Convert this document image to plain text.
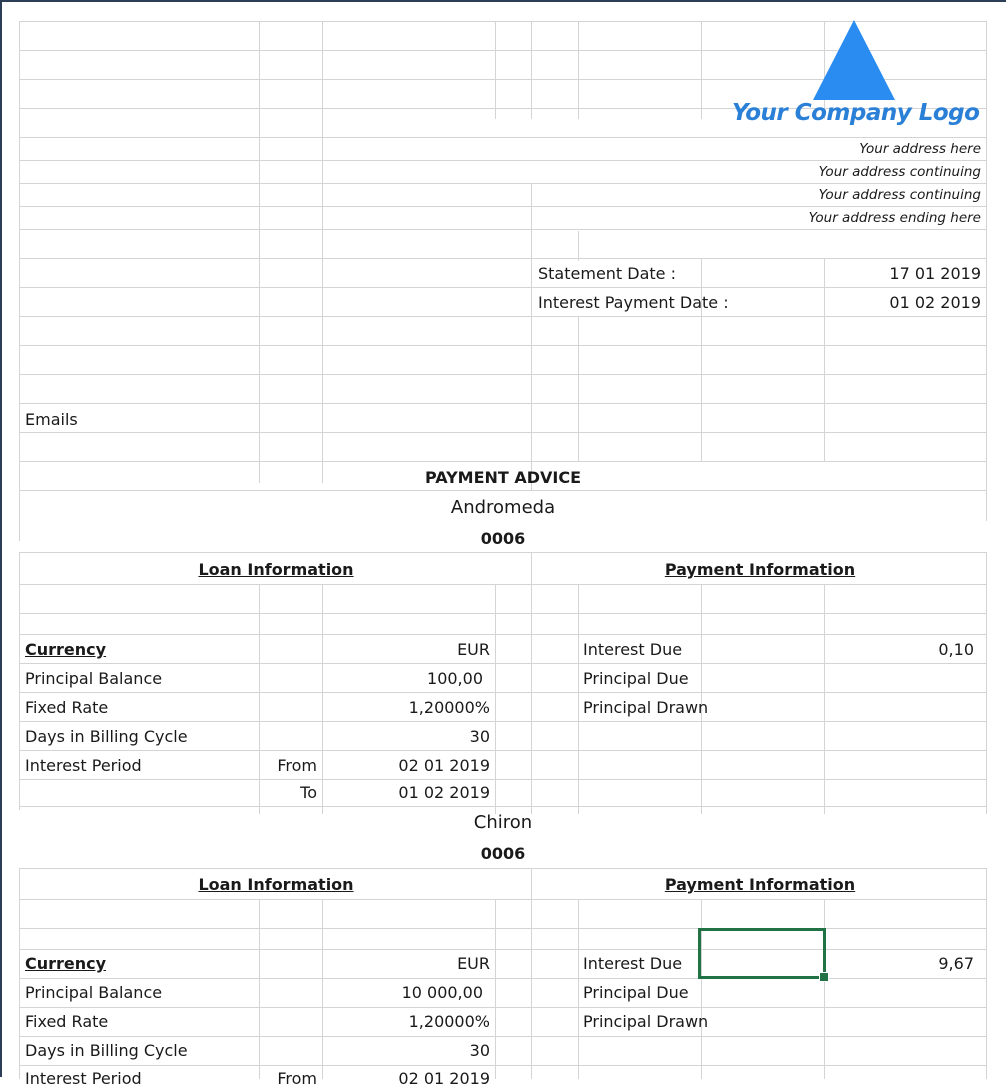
Your Company Logo
Your address here
Your address continuing
Your address continuing
Your address ending here
Statement Date :	17 01 2019
Interest Payment Date :	01 02 2019
Emails
PAYMENT ADVICE
Andromeda
0006
Loan Information	Payment Information
Currency	EUR	Interest Due	0,10
Principal Balance	100,00	Principal Due
Fixed Rate	1,20000%	Principal Drawn
Days in Billing Cycle	30
Interest Period	From	02 01 2019
To	01 02 2019
Chiron
0006
Loan Information	Payment Information
Currency	EUR	Interest Due	9,67
Principal Balance	10 000,00	Principal Due
Fixed Rate	1,20000%	Principal Drawn
Days in Billing Cycle	30
Interest Period	From	02 01 2019
